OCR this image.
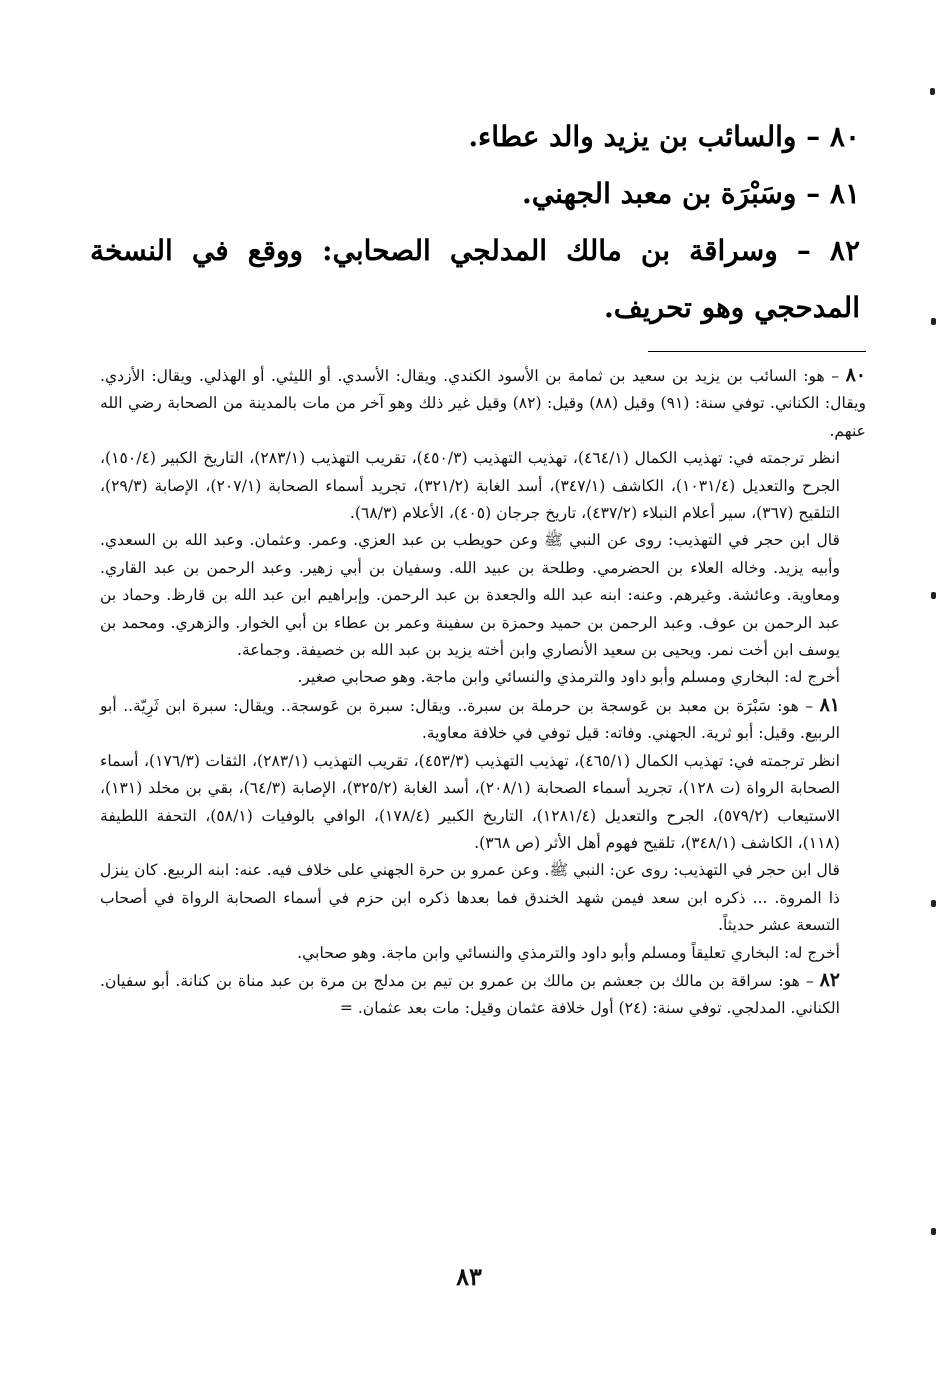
٨٠ – والسائب بن يزيد والد عطاء.

٨١ – وسَبْرَة بن معبد الجهني.

٨٢ – وسراقة بن مالك المدلجي الصحابي: ووقع في النسخة المدحجي وهو تحريف.

٨٠ – هو: السائب بن يزيد بن سعيد بن ثمامة بن الأسود الكندي. ويقال: الأسدي. أو الليثي. أو الهذلي. ويقال: الأزدي. ويقال: الكناني. توفي سنة: (٩١) وقيل (٨٨) وقيل: (٨٢) وقيل غير ذلك وهو آخر من مات بالمدينة من الصحابة رضي الله عنهم.

انظر ترجمته في: تهذيب الكمال (٤٦٤/١)، تهذيب التهذيب (٤٥٠/٣)، تقريب التهذيب (٢٨٣/١)، التاريخ الكبير (١٥٠/٤)، الجرح والتعديل (١٠٣١/٤)، الكاشف (٣٤٧/١)، أسد الغابة (٣٢١/٢)، تجريد أسماء الصحابة (٢٠٧/١)، الإصابة (٢٩/٣)، التلقيح (٣٦٧)، سير أعلام النبلاء (٤٣٧/٢)، تاريخ جرجان (٤٠٥)، الأعلام (٦٨/٣).

قال ابن حجر في التهذيب: روى عن النبي ﷺ وعن حويطب بن عبد العزي. وعمر. وعثمان. وعبد الله بن السعدي. وأبيه يزيد. وخاله العلاء بن الحضرمي. وطلحة بن عبيد الله. وسفيان بن أبي زهير. وعبد الرحمن بن عبد القاري. ومعاوية. وعائشة. وغيرهم. وعنه: ابنه عبد الله والجعدة بن عبد الرحمن. وإبراهيم ابن عبد الله بن قارظ. وحماد بن عبد الرحمن بن عوف. وعبد الرحمن بن حميد وحمزة بن سفينة وعمر بن عطاء بن أبي الخوار. والزهري. ومحمد بن يوسف ابن أخت نمر. ويحيى بن سعيد الأنصاري وابن أخته يزيد بن عبد الله بن خصيفة. وجماعة.

أخرج له: البخاري ومسلم وأبو داود والترمذي والنسائي وابن ماجة. وهو صحابي صغير.

٨١ – هو: سَبْرَة بن معبد بن عَوسجة بن حرملة بن سبرة.. ويقال: سبرة بن عَوسجة.. ويقال: سبرة ابن ثَرِيّة.. أبو الربيع. وقيل: أبو ثرية. الجهني. وفاته: قيل توفي في خلافة معاوية.

انظر ترجمته في: تهذيب الكمال (٤٦٥/١)، تهذيب التهذيب (٤٥٣/٣)، تقريب التهذيب (٢٨٣/١)، الثقات (١٧٦/٣)، أسماء الصحابة الرواة (ت ١٢٨)، تجريد أسماء الصحابة (٢٠٨/١)، أسد الغابة (٣٢٥/٢)، الإصابة (٦٤/٣)، بقي بن مخلد (١٣١)، الاستيعاب (٥٧٩/٢)، الجرح والتعديل (١٢٨١/٤)، التاريخ الكبير (١٧٨/٤)، الوافي بالوفيات (٥٨/١)، التحفة اللطيفة (١١٨)، الكاشف (٣٤٨/١)، تلقيح فهوم أهل الأثر (ص ٣٦٨).

قال ابن حجر في التهذيب: روى عن: النبي ﷺ. وعن عمرو بن حرة الجهني على خلاف فيه. عنه: ابنه الربيع. كان ينزل ذا المروة. ... ذكره ابن سعد فيمن شهد الخندق فما بعدها ذكره ابن حزم في أسماء الصحابة الرواة في أصحاب التسعة عشر حديثاً.

أخرج له: البخاري تعليقاً ومسلم وأبو داود والترمذي والنسائي وابن ماجة. وهو صحابي.

٨٢ – هو: سراقة بن مالك بن جعشم بن مالك بن عمرو بن تيم بن مدلج بن مرة بن عبد مناة بن كنانة. أبو سفيان. الكناني. المدلجي. توفي سنة: (٢٤) أول خلافة عثمان وقيل: مات بعد عثمان. =

٨٣
